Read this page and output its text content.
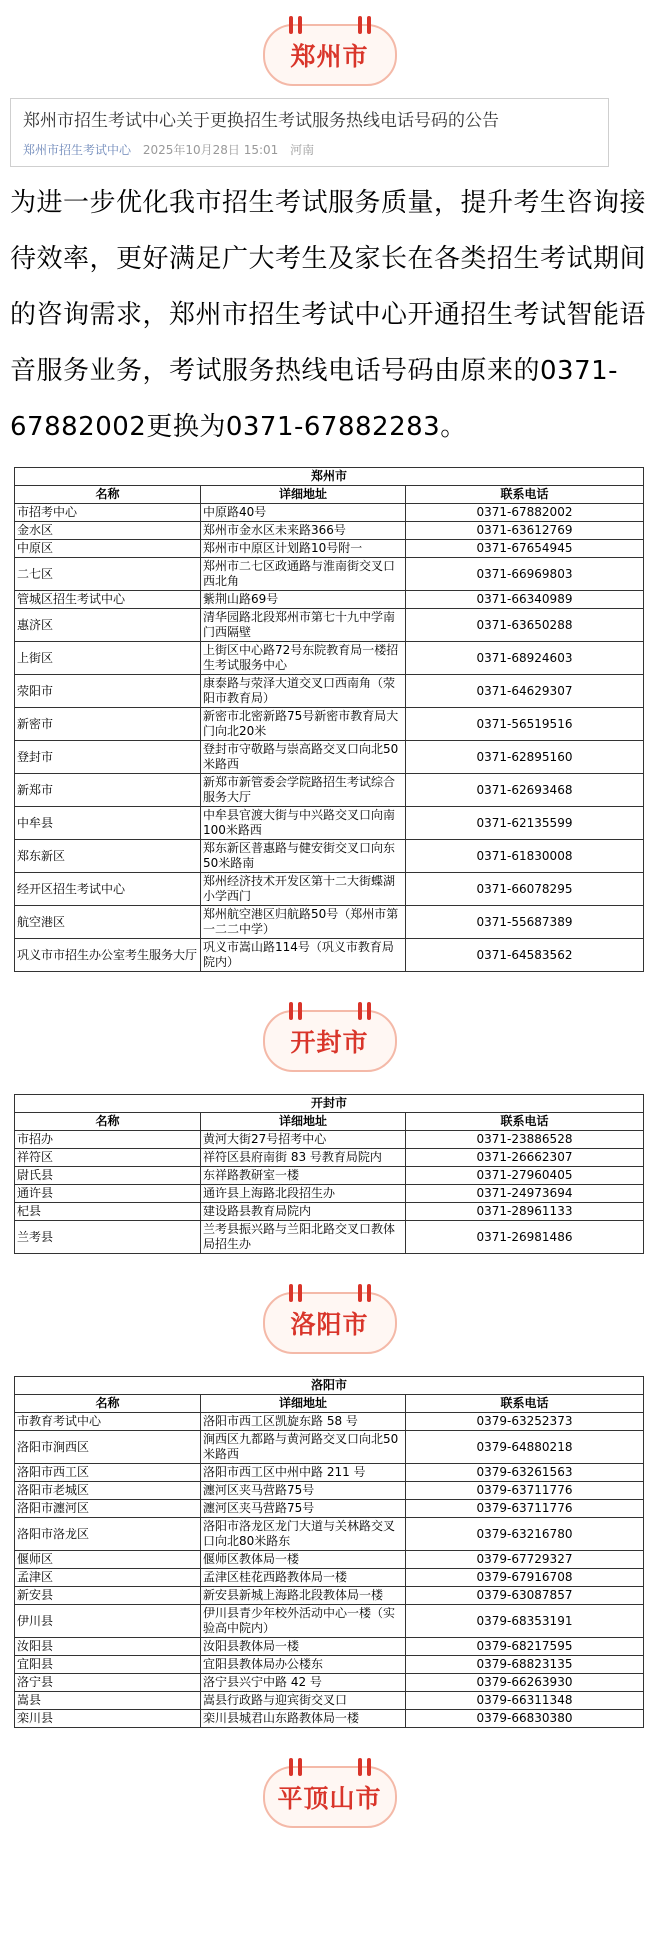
郑州市
郑州市招生考试中心关于更换招生考试服务热线电话号码的公告
郑州市招生考试中心 2025年10月28日 15:01 河南

为进一步优化我市招生考试服务质量，提升考生咨询接待效率，更好满足广大考生及家长在各类招生考试期间的咨询需求，郑州市招生考试中心开通招生考试智能语音服务业务，考试服务热线电话号码由原来的0371-67882002更换为0371-67882283。

郑州市		
名称	详细地址	联系电话
市招考中心	中原路40号	0371-67882002
金水区	郑州市金水区未来路366号	0371-63612769
中原区	郑州市中原区计划路10号附一	0371-67654945
二七区	郑州市二七区政通路与淮南街交叉口西北角	0371-66969803
管城区招生考试中心	紫荆山路69号	0371-66340989
惠济区	清华园路北段郑州市第七十九中学南门西隔壁	0371-63650288
上街区	上街区中心路72号东院教育局一楼招生考试服务中心	0371-68924603
荥阳市	康泰路与荥泽大道交叉口西南角（荥阳市教育局）	0371-64629307
新密市	新密市北密新路75号新密市教育局大门向北20米	0371-56519516
登封市	登封市守敬路与崇高路交叉口向北50米路西	0371-62895160
新郑市	新郑市新管委会学院路招生考试综合服务大厅	0371-62693468
中牟县	中牟县官渡大街与中兴路交叉口向南100米路西	0371-62135599
郑东新区	郑东新区普惠路与健安街交叉口向东50米路南	0371-61830008
经开区招生考试中心	郑州经济技术开发区第十二大街蝶湖小学西门	0371-66078295
航空港区	郑州航空港区归航路50号（郑州市第一二二中学）	0371-55687389
巩义市市招生办公室考生服务大厅	巩义市嵩山路114号（巩义市教育局院内）	0371-64583562
开封市
开封市		
名称	详细地址	联系电话
市招办	黄河大街27号招考中心	0371-23886528
祥符区	祥符区县府南街 83 号教育局院内	0371-26662307
尉氏县	东祥路教研室一楼	0371-27960405
通许县	通许县上海路北段招生办	0371-24973694
杞县	建设路县教育局院内	0371-28961133
兰考县	兰考县振兴路与兰阳北路交叉口教体局招生办	0371-26981486
洛阳市
洛阳市		
名称	详细地址	联系电话
市教育考试中心	洛阳市西工区凯旋东路 58 号	0379-63252373
洛阳市涧西区	涧西区九都路与黄河路交叉口向北50 米路西	0379-64880218
洛阳市西工区	洛阳市西工区中州中路 211 号	0379-63261563
洛阳市老城区	瀍河区夹马营路75号	0379-63711776
洛阳市瀍河区	瀍河区夹马营路75号	0379-63711776
洛阳市洛龙区	洛阳市洛龙区龙门大道与关林路交叉口向北80米路东	0379-63216780
偃师区	偃师区教体局一楼	0379-67729327
孟津区	孟津区桂花西路教体局一楼	0379-67916708
新安县	新安县新城上海路北段教体局一楼	0379-63087857
伊川县	伊川县青少年校外活动中心一楼（实验高中院内）	0379-68353191
汝阳县	汝阳县教体局一楼	0379-68217595
宜阳县	宜阳县教体局办公楼东	0379-68823135
洛宁县	洛宁县兴宁中路 42 号	0379-66263930
嵩县	嵩县行政路与迎宾街交叉口	0379-66311348
栾川县	栾川县城君山东路教体局一楼	0379-66830380
平顶山市
